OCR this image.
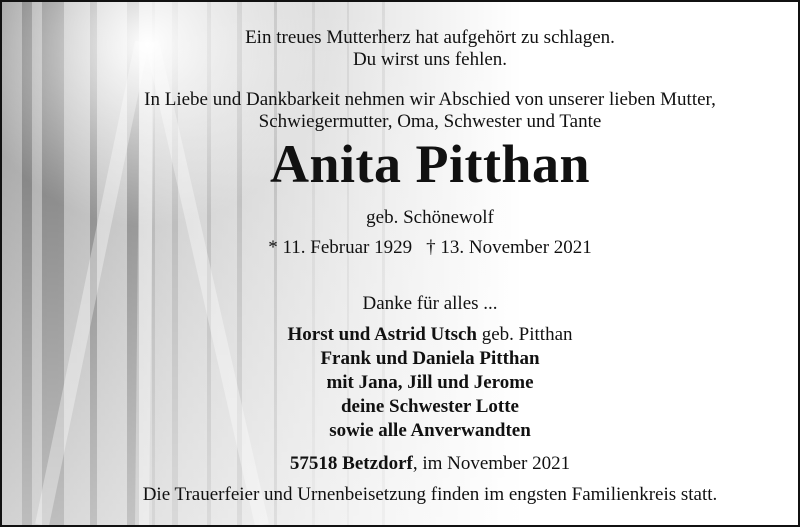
Ein treues Mutterherz hat aufgehört zu schlagen.
Du wirst uns fehlen.
In Liebe und Dankbarkeit nehmen wir Abschied von unserer lieben Mutter,
Schwiegermutter, Oma, Schwester und Tante
Anita Pitthan
geb. Schönewolf
* 11. Februar 1929 † 13. November 2021
Danke für alles ...
Horst und Astrid Utsch geb. Pitthan
Frank und Daniela Pitthan
mit Jana, Jill und Jerome
deine Schwester Lotte
sowie alle Anverwandten
57518 Betzdorf, im November 2021
Die Trauerfeier und Urnenbeisetzung finden im engsten Familienkreis statt.
